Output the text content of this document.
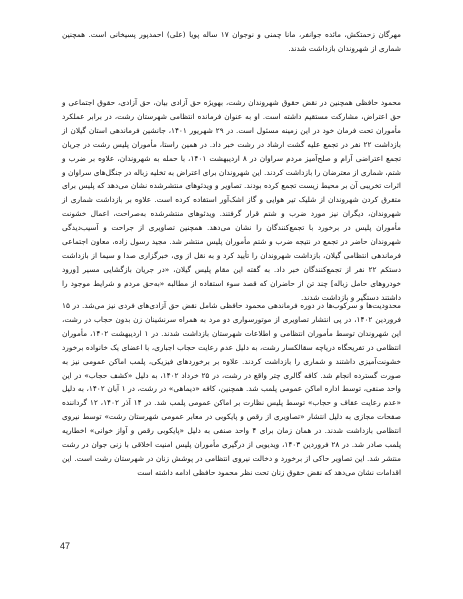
مهرگان زحمتکش، مائده جوانفر، مانا چمنی و نوجوان ۱۷ ساله پویا (علی) احمدپور پسیخانی است. همچنین شماری از شهروندان بازداشت شدند.

محمود حافظی همچنین در نقض حقوق شهروندان رشت، بهویژه حق آزادی بیان، حق آزادی، حقوق اجتماعی و حق اعتراض، مشارکت مستقیم داشته است. او به عنوان فرمانده انتظامی شهرستان رشت، در برابر عملکرد مأموران تحت فرمان خود در این زمینه مسئول است. در ۲۹ شهریور ۱۴۰۱، جانشین فرماندهی استان گیلان از بازداشت ۲۲ نفر در تجمع علیه گشت ارشاد در رشت خبر داد. در همین راستا، مأموران پلیس رشت در جریان تجمع اعتراضی آرام و صلح‌آمیز مردم سراوان در ۸ اردیبهشت ۱۴۰۱، با حمله به شهروندان، علاوه بر ضرب و شتم، شماری از معترضان را بازداشت کردند. این شهروندان برای اعتراض به تخلیه زباله در جنگل‌های سراوان و اثرات تخریبی آن بر محیط زیست تجمع کرده بودند. تصاویر و ویدئوهای منتشرشده نشان می‌دهد که پلیس برای متفرق کردن شهروندان از شلیک تیر هوایی و گاز اشک‌آور استفاده کرده است. علاوه بر بازداشت شماری از شهروندان، دیگران نیز مورد ضرب و شتم قرار گرفتند. ویدئوهای منتشرشده به‌صراحت، اعمال خشونت مأموران پلیس در برخورد با تجمع‌کنندگان را نشان می‌دهد. همچنین تصاویری از جراحت و آسیب‌دیدگی شهروندان حاضر در تجمع در نتیجه ضرب و شتم مأموران پلیس منتشر شد. مجید رسول زاده، معاون اجتماعی فرماندهی انتظامی گیلان، بازداشت شهروندان را تأیید کرد و به نقل از وی، خبرگزاری صدا و سیما از بازداشت دستکم ۲۲ نفر از تجمع‌کنندگان خبر داد. به گفته این مقام پلیس گیلان، «در جریان بازگشایی مسیر [ورود خودروهای حامل زباله] چند تن از حاضران که قصد سوء استفاده از مطالبه «به‌حق مردم و شرایط موجود را داشتند دستگیر و بازداشت شدند.

محدودیت‌ها و سرکوب‌ها در دوره فرماندهی محمود حافظی شامل نقض حق آزادی‌های فردی نیز می‌شد. در ۱۵ فروردین ۱۴۰۲، در پی انتشار تصاویری از موتورسواری دو مرد به همراه سرنشینان زن بدون حجاب در رشت، این شهروندان توسط مأموران انتظامی و اطلاعات شهرستان بازداشت شدند. در ۱ اردیبهشت ۱۴۰۲، مأموران انتظامی در تفریحگاه دریاچه سقالکسار رشت، به دلیل عدم رعایت حجاب اجباری، با اعضای یک خانواده برخورد خشونت‌آمیزی داشتند و شماری را بازداشت کردند. علاوه بر برخوردهای فیزیکی، پلمب اماکن عمومی نیز به صورت گسترده انجام شد. کافه گالری چتر واقع در رشت، در ۲۵ خرداد ۱۴۰۲، به دلیل «کشف حجاب» در این واحد صنفی، توسط اداره اماکن عمومی پلمب شد. همچنین، کافه «دیماهی» در رشت، در ۱ آبان ۱۴۰۲، به دلیل «عدم رعایت عفاف و حجاب» توسط پلیس نظارت بر اماکن عمومی پلمب شد. در ۱۴ آذر ۱۴۰۲، ۱۲ گرداننده صفحات مجازی به دلیل انتشار «تصاویری از رقص و پایکوبی در معابر عمومی شهرستان رشت» توسط نیروی انتظامی بازداشت شدند. در همان زمان برای ۴ واحد صنفی به دلیل «پایکوبی رقص و آواز خوانی» اخطاریه پلمب صادر شد. در ۲۸ فروردین ۱۴۰۳، ویدیویی از درگیری مأموران پلیس امنیت اخلاقی با زنی جوان در رشت منتشر شد. این تصاویر حاکی از برخورد و دخالت نیروی انتظامی در پوشش زنان در شهرستان رشت است. این اقدامات نشان می‌دهد که نقض حقوق زنان تحت نظر محمود حافظی ادامه داشته است

47
